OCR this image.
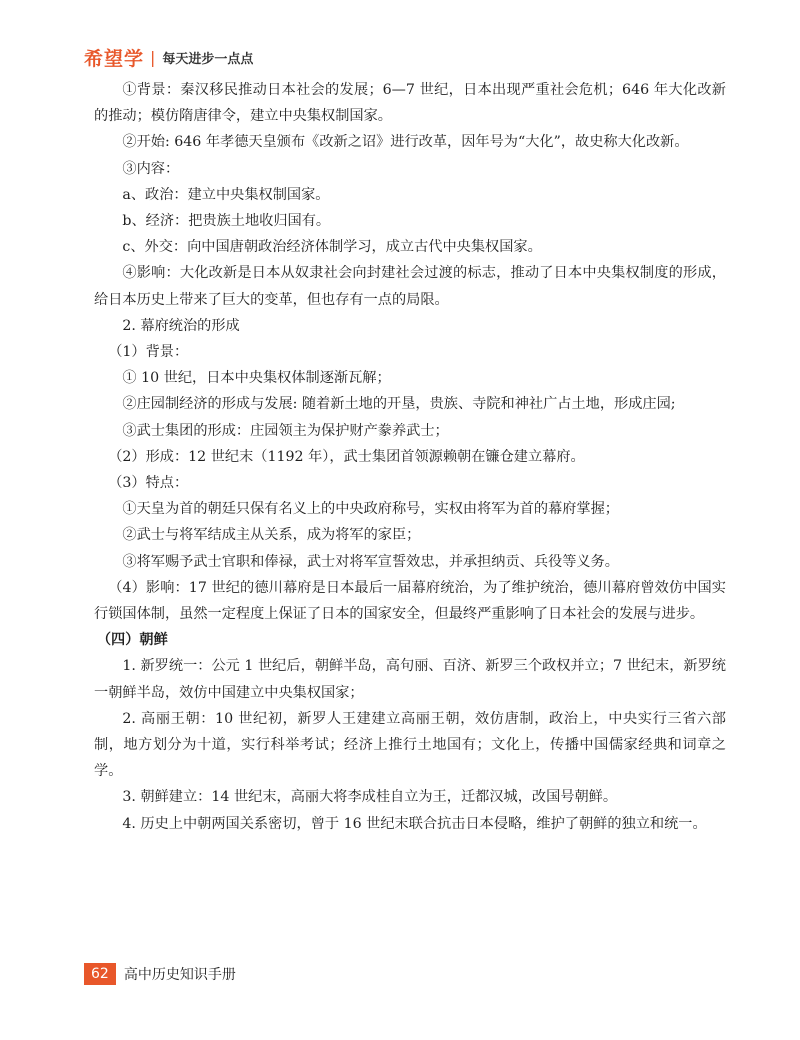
希望学 | 每天进步一点点

①背景：秦汉移民推动日本社会的发展；6—7 世纪，日本出现严重社会危机；646 年大化改新的推动；模仿隋唐律令，建立中央集权制国家。

②开始: 646 年孝德天皇颁布《改新之诏》进行改革，因年号为“大化”，故史称大化改新。

③内容：

a、政治：建立中央集权制国家。

b、经济：把贵族土地收归国有。

c、外交：向中国唐朝政治经济体制学习，成立古代中央集权国家。

④影响：大化改新是日本从奴隶社会向封建社会过渡的标志，推动了日本中央集权制度的形成，给日本历史上带来了巨大的变革，但也存有一点的局限。

2. 幕府统治的形成

（1）背景：

① 10 世纪，日本中央集权体制逐渐瓦解；

②庄园制经济的形成与发展: 随着新土地的开垦，贵族、寺院和神社广占土地，形成庄园;

③武士集团的形成：庄园领主为保护财产豢养武士；

（2）形成：12 世纪末（1192 年），武士集团首领源赖朝在镰仓建立幕府。

（3）特点：

①天皇为首的朝廷只保有名义上的中央政府称号，实权由将军为首的幕府掌握；

②武士与将军结成主从关系，成为将军的家臣；

③将军赐予武士官职和俸禄，武士对将军宣誓效忠，并承担纳贡、兵役等义务。

（4）影响：17 世纪的德川幕府是日本最后一届幕府统治，为了维护统治，德川幕府曾效仿中国实行锁国体制，虽然一定程度上保证了日本的国家安全，但最终严重影响了日本社会的发展与进步。

（四）朝鲜

1. 新罗统一：公元 1 世纪后，朝鲜半岛，高句丽、百济、新罗三个政权并立；7 世纪末，新罗统一朝鲜半岛，效仿中国建立中央集权国家；

2. 高丽王朝：10 世纪初，新罗人王建建立高丽王朝，效仿唐制，政治上，中央实行三省六部制，地方划分为十道，实行科举考试；经济上推行土地国有；文化上，传播中国儒家经典和词章之学。

3. 朝鲜建立：14 世纪末，高丽大将李成桂自立为王，迁都汉城，改国号朝鲜。

4. 历史上中朝两国关系密切，曾于 16 世纪末联合抗击日本侵略，维护了朝鲜的独立和统一。

62	高中历史知识手册
